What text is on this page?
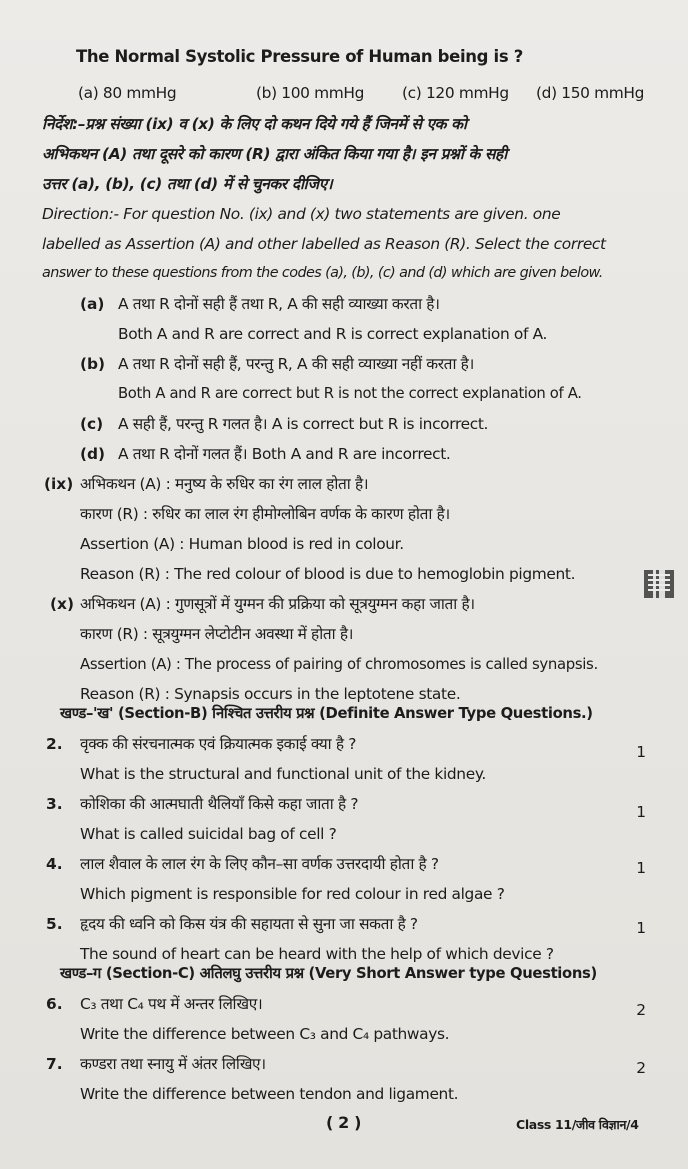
The Normal Systolic Pressure of Human being is ?
(a) 80 mmHg	(b) 100 mmHg (c) 120 mmHg (d) 150 mmHg
निर्देश:–प्रश्न संख्या (ix) व (x) के लिए दो कथन दिये गये हैं जिनमें से एक को
अभिकथन (A) तथा दूसरे को कारण (R) द्वारा अंकित किया गया है। इन प्रश्नों के सही
उत्तर (a), (b), (c) तथा (d) में से चुनकर दीजिए।
Direction:- For question No. (ix) and (x) two statements are given. one
labelled as Assertion (A) and other labelled as Reason (R). Select the correct
answer to these questions from the codes (a), (b), (c) and (d) which are given below.
(a) A तथा R दोनों सही हैं तथा R, A की सही व्याख्या करता है।
Both A and R are correct and R is correct explanation of A.
(b) A तथा R दोनों सही हैं, परन्तु R, A की सही व्याख्या नहीं करता है।
Both A and R are correct but R is not the correct explanation of A.
(c) A सही हैं, परन्तु R गलत है। A is correct but R is incorrect.
(d) A तथा R दोनों गलत हैं। Both A and R are incorrect.
(ix) अभिकथन (A) : मनुष्य के रुधिर का रंग लाल होता है।
कारण (R) : रुधिर का लाल रंग हीमोग्लोबिन वर्णक के कारण होता है।
Assertion (A) : Human blood is red in colour.
Reason (R) : The red colour of blood is due to hemoglobin pigment.
(x) अभिकथन (A) : गुणसूत्रों में युग्मन की प्रक्रिया को सूत्रयुग्मन कहा जाता है।
कारण (R) : सूत्रयुग्मन लेप्टोटीन अवस्था में होता है।
Assertion (A) : The process of pairing of chromosomes is called synapsis.
Reason (R) : Synapsis occurs in the leptotene state.
खण्ड–'ख' (Section-B) निश्चित उत्तरीय प्रश्न (Definite Answer Type Questions.)
2. वृक्क की संरचनात्मक एवं क्रियात्मक इकाई क्या है ?	1
What is the structural and functional unit of the kidney.
3. कोशिका की आत्मघाती थैलियाँ किसे कहा जाता है ?	1
What is called suicidal bag of cell ?
4. लाल शैवाल के लाल रंग के लिए कौन–सा वर्णक उत्तरदायी होता है ?	1
Which pigment is responsible for red colour in red algae ?
5. हृदय की ध्वनि को किस यंत्र की सहायता से सुना जा सकता है ?	1
The sound of heart can be heard with the help of which device ?
खण्ड–ग (Section-C) अतिलघु उत्तरीय प्रश्न (Very Short Answer type Questions)
6. C₃ तथा C₄ पथ में अन्तर लिखिए।	2
Write the difference between C₃ and C₄ pathways.
7. कण्डरा तथा स्नायु में अंतर लिखिए।	2
Write the difference between tendon and ligament.
( 2 )	Class 11/जीव विज्ञान/4
